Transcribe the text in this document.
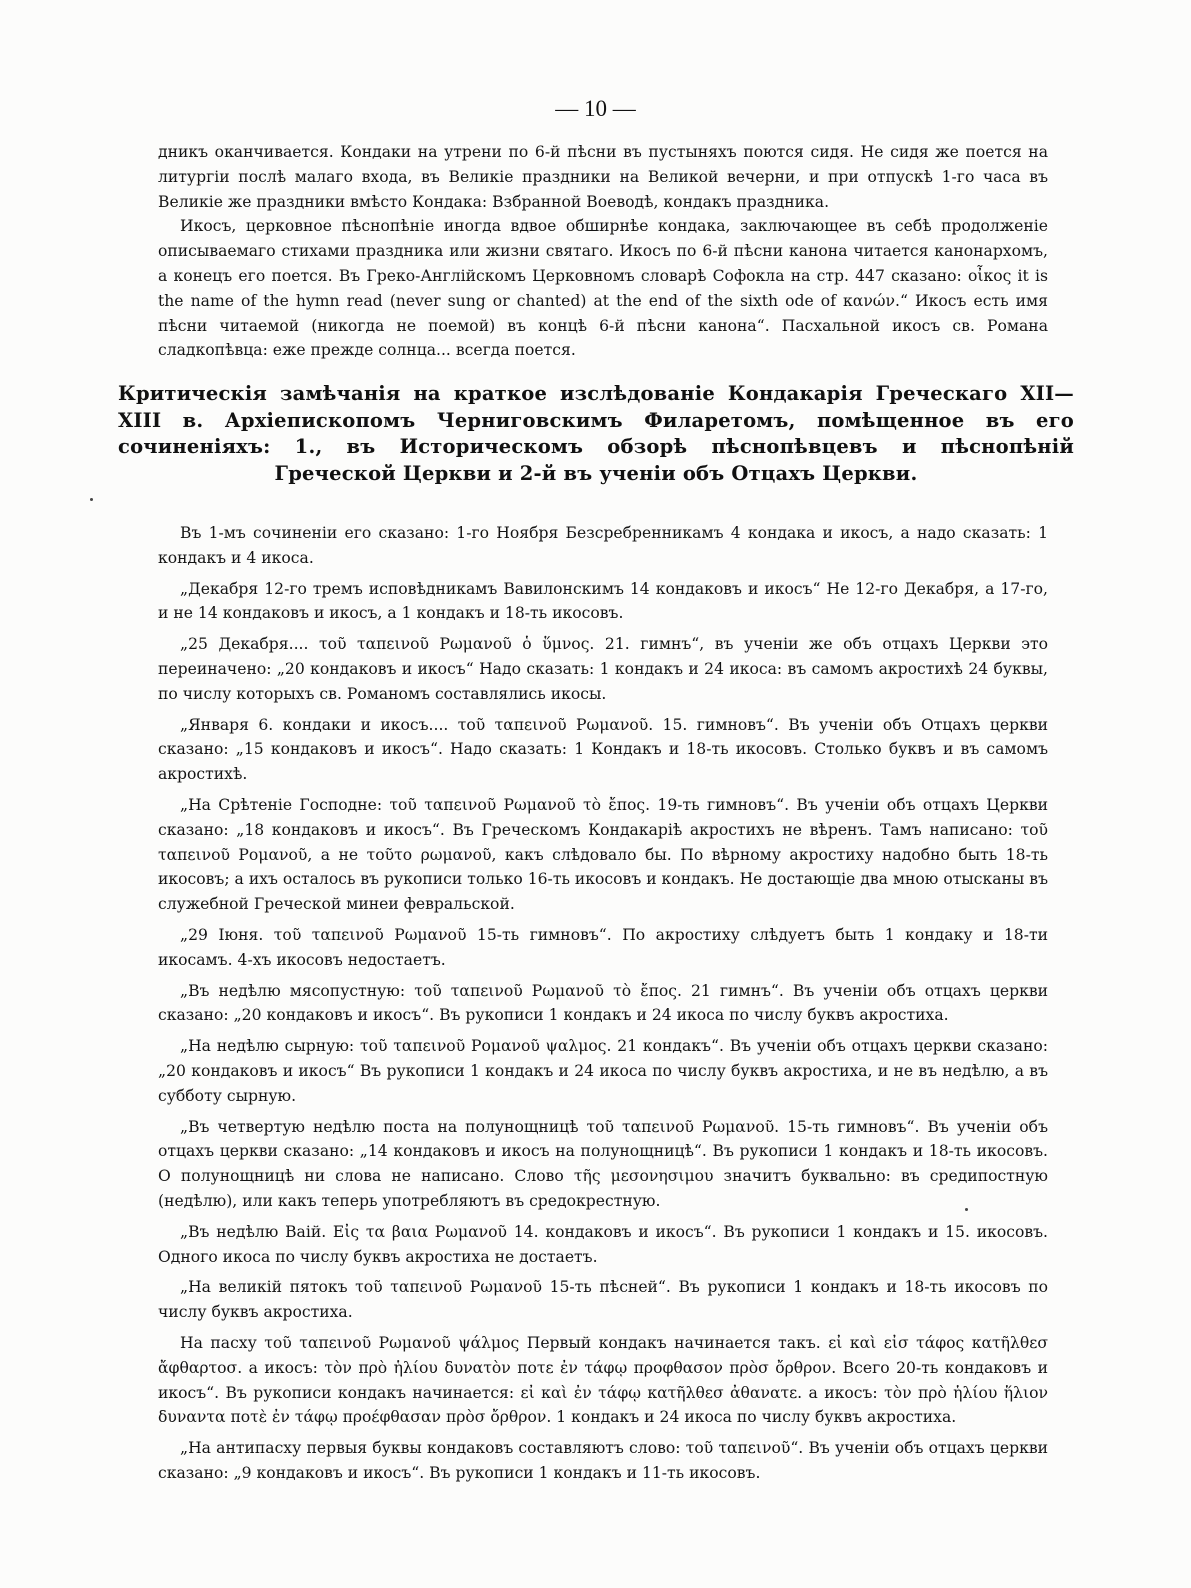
— 10 —

дникъ оканчивается. Кондаки на утрени по 6-й пѣсни въ пустыняхъ поются сидя. Не сидя же поется на литургіи послѣ малаго входа, въ Великіе праздники на Великой вечерни, и при отпускѣ 1-го часа въ Великіе же праздники вмѣсто Кондака: Взбранной Воеводѣ, кондакъ праздника.

Икосъ, церковное пѣснопѣніе иногда вдвое обширнѣе кондака, заключающее въ себѣ продолженіе описываемаго стихами праздника или жизни святаго. Икосъ по 6-й пѣсни канона читается канонархомъ, а конецъ его поется. Въ Греко-Англійскомъ Церковномъ словарѣ Софокла на стр. 447 сказано: οἶκος it is the name of the hymn read (never sung or chanted) at the end of the sixth ode of κανών.“ Икосъ есть имя пѣсни читаемой (никогда не поемой) въ концѣ 6-й пѣсни канона“. Пасхальной икосъ св. Романа сладкопѣвца: еже прежде солнца... всегда поется.

Критическія замѣчанія на краткое изслѣдованіе Кондакарія Греческаго XII—XIII в. Архіепископомъ Черниговскимъ Филаретомъ, помѣщенное въ его сочиненіяхъ: 1., въ Историческомъ обзорѣ пѣснопѣвцевъ и пѣснопѣній Греческой Церкви и 2-й въ ученіи объ Отцахъ Церкви.

Въ 1-мъ сочиненіи его сказано: 1-го Ноября Безсребренникамъ 4 кондака и икосъ, а надо сказать: 1 кондакъ и 4 икоса.

„Декабря 12-го тремъ исповѣдникамъ Вавилонскимъ 14 кондаковъ и икосъ“ Не 12-го Декабря, а 17-го, и не 14 кондаковъ и икосъ, а 1 кондакъ и 18-ть икосовъ.

„25 Декабря.... τοῦ ταπεινοῦ Ρωμανοῦ ὁ ὕμνος. 21. гимнъ“, въ ученіи же объ отцахъ Церкви это переиначено: „20 кондаковъ и икосъ“ Надо сказать: 1 кондакъ и 24 икоса: въ самомъ акростихѣ 24 буквы, по числу которыхъ св. Романомъ составлялись икосы.

„Января 6. кондаки и икосъ.... τοῦ ταπεινοῦ Ρωμανοῦ. 15. гимновъ“. Въ ученіи объ Отцахъ церкви сказано: „15 кондаковъ и икосъ“. Надо сказать: 1 Кондакъ и 18-ть икосовъ. Столько буквъ и въ самомъ акростихѣ.

„На Срѣтеніе Господне: τοῦ ταπεινοῦ Ρωμανοῦ τὸ ἔπος. 19-ть гимновъ“. Въ ученіи объ отцахъ Церкви сказано: „18 кондаковъ и икосъ“. Въ Греческомъ Кондакаріѣ акростихъ не вѣренъ. Тамъ написано: τοῦ ταπεινοῦ Ρομανοῦ, а не τοῦτο ρωμανοῦ, какъ слѣдовало бы. По вѣрному акростиху надобно быть 18-ть икосовъ; а ихъ осталось въ рукописи только 16-ть икосовъ и кондакъ. Не достающіе два мною отысканы въ служебной Греческой минеи февральской.

„29 Іюня. τοῦ ταπεινοῦ Ρωμανοῦ 15-ть гимновъ“. По акростиху слѣдуетъ быть 1 кондаку и 18-ти икосамъ. 4-хъ икосовъ недостаетъ.

„Въ недѣлю мясопустную: τοῦ ταπεινοῦ Ρωμανοῦ τὸ ἔπος. 21 гимнъ“. Въ ученіи объ отцахъ церкви сказано: „20 кондаковъ и икосъ“. Въ рукописи 1 кондакъ и 24 икоса по числу буквъ акростиха.

„На недѣлю сырную: τοῦ ταπεινοῦ Ρομανοῦ ψαλμος. 21 кондакъ“. Въ ученіи объ отцахъ церкви сказано: „20 кондаковъ и икосъ“ Въ рукописи 1 кондакъ и 24 икоса по числу буквъ акростиха, и не въ недѣлю, а въ субботу сырную.

„Въ четвертую недѣлю поста на полунощницѣ τοῦ ταπεινοῦ Ρωμανοῦ. 15-ть гимновъ“. Въ ученіи объ отцахъ церкви сказано: „14 кондаковъ и икосъ на полунощницѣ“. Въ рукописи 1 кондакъ и 18-ть икосовъ. О полунощницѣ ни слова не написано. Слово τῆς μεσονησιμου значитъ буквально: въ средипостную (недѣлю), или какъ теперь употребляютъ въ средокрестную.

„Въ недѣлю Ваій. Εἰς τα βαια Ρωμανοῦ 14. кондаковъ и икосъ“. Въ рукописи 1 кондакъ и 15. икосовъ. Одного икоса по числу буквъ акростиха не достаетъ.

„На великій пятокъ τοῦ ταπεινοῦ Ρωμανοῦ 15-ть пѣсней“. Въ рукописи 1 кондакъ и 18-ть икосовъ по числу буквъ акростиха.

На пасху τοῦ ταπεινοῦ Ρωμανοῦ ψάλμος Первый кондакъ начинается такъ. εἰ καὶ εἰσ τάφος κατῆλθεσ ἄφθαρτοσ. а икосъ: τὸν πρὸ ἡλίου δυνατὸν ποτε ἐν τάφῳ προφθασον πρὸσ ὄρθρον. Всего 20-ть кондаковъ и икосъ“. Въ рукописи кондакъ начинается: εἰ καὶ ἐν τάφῳ κατῆλθεσ ἀθανατε. а икосъ: τὸν πρὸ ἡλίου ἥλιον δυναντα ποτὲ ἐν τάφῳ προέφθασαν πρὸσ ὄρθρον. 1 кондакъ и 24 икоса по числу буквъ акростиха.

„На антипасху первыя буквы кондаковъ составляютъ слово: τοῦ ταπεινοῦ“. Въ ученіи объ отцахъ церкви сказано: „9 кондаковъ и икосъ“. Въ рукописи 1 кондакъ и 11-ть икосовъ.
